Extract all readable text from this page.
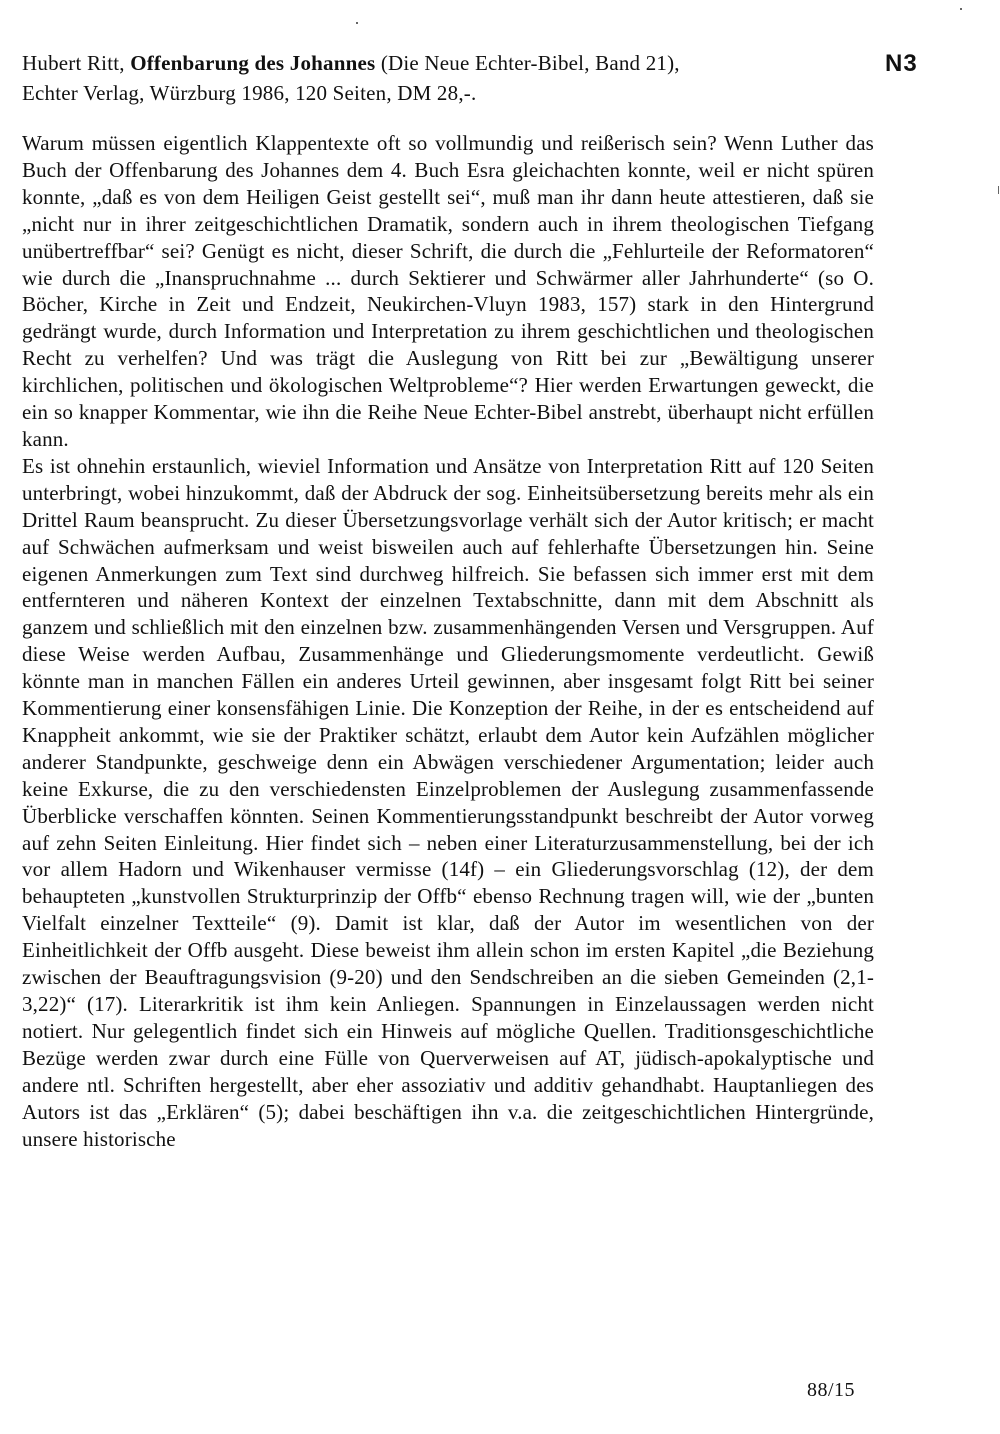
Hubert Ritt, Offenbarung des Johannes (Die Neue Echter-Bibel, Band 21),
Echter Verlag, Würzburg 1986, 120 Seiten, DM 28,-.
N3

Warum müssen eigentlich Klappentexte oft so vollmundig und reißerisch sein? Wenn Luther das Buch der Offenbarung des Johannes dem 4. Buch Esra gleichachten konnte, weil er nicht spüren konnte, „daß es von dem Heiligen Geist gestellt sei“, muß man ihr dann heute attestieren, daß sie „nicht nur in ihrer zeitgeschichtlichen Dramatik, sondern auch in ihrem theologischen Tiefgang unübertreffbar“ sei? Genügt es nicht, dieser Schrift, die durch die „Fehlurteile der Reformatoren“ wie durch die „Inanspruchnahme ... durch Sektierer und Schwärmer aller Jahrhunderte“ (so O. Böcher, Kirche in Zeit und Endzeit, Neukirchen-Vluyn 1983, 157) stark in den Hintergrund gedrängt wurde, durch Information und Interpretation zu ihrem geschichtlichen und theologischen Recht zu verhelfen? Und was trägt die Auslegung von Ritt bei zur „Bewältigung unserer kirchlichen, politischen und ökologischen Weltprobleme“? Hier werden Erwartungen geweckt, die ein so knapper Kommentar, wie ihn die Reihe Neue Echter-Bibel anstrebt, überhaupt nicht erfüllen kann.

Es ist ohnehin erstaunlich, wieviel Information und Ansätze von Interpretation Ritt auf 120 Seiten unterbringt, wobei hinzukommt, daß der Abdruck der sog. Einheitsübersetzung bereits mehr als ein Drittel Raum beansprucht. Zu dieser Übersetzungsvorlage verhält sich der Autor kritisch; er macht auf Schwächen aufmerksam und weist bisweilen auch auf fehlerhafte Übersetzungen hin. Seine eigenen Anmerkungen zum Text sind durchweg hilfreich. Sie befassen sich immer erst mit dem entfernteren und näheren Kontext der einzelnen Textabschnitte, dann mit dem Abschnitt als ganzem und schließlich mit den einzelnen bzw. zusammenhängenden Versen und Versgruppen. Auf diese Weise werden Aufbau, Zusammenhänge und Gliederungsmomente verdeutlicht. Gewiß könnte man in manchen Fällen ein anderes Urteil gewinnen, aber insgesamt folgt Ritt bei seiner Kommentierung einer konsensfähigen Linie. Die Konzeption der Reihe, in der es entscheidend auf Knappheit ankommt, wie sie der Praktiker schätzt, erlaubt dem Autor kein Aufzählen möglicher anderer Standpunkte, geschweige denn ein Abwägen verschiedener Argumentation; leider auch keine Exkurse, die zu den verschiedensten Einzelproblemen der Auslegung zusammenfassende Überblicke verschaffen könnten. Seinen Kommentierungsstandpunkt beschreibt der Autor vorweg auf zehn Seiten Einleitung. Hier findet sich – neben einer Literaturzusammenstellung, bei der ich vor allem Hadorn und Wikenhauser vermisse (14f) – ein Gliederungsvorschlag (12), der dem behaupteten „kunstvollen Strukturprinzip der Offb“ ebenso Rechnung tragen will, wie der „bunten Vielfalt einzelner Textteile“ (9). Damit ist klar, daß der Autor im wesentlichen von der Einheitlichkeit der Offb ausgeht. Diese beweist ihm allein schon im ersten Kapitel „die Beziehung zwischen der Beauftragungsvision (9-20) und den Sendschreiben an die sieben Gemeinden (2,1-3,22)“ (17). Literarkritik ist ihm kein Anliegen. Spannungen in Einzelaussagen werden nicht notiert. Nur gelegentlich findet sich ein Hinweis auf mögliche Quellen. Traditionsgeschichtliche Bezüge werden zwar durch eine Fülle von Querverweisen auf AT, jüdisch-apokalyptische und andere ntl. Schriften hergestellt, aber eher assoziativ und additiv gehandhabt. Hauptanliegen des Autors ist das „Erklären“ (5); dabei beschäftigen ihn v.a. die zeitgeschichtlichen Hintergründe, unsere historische

88/15
